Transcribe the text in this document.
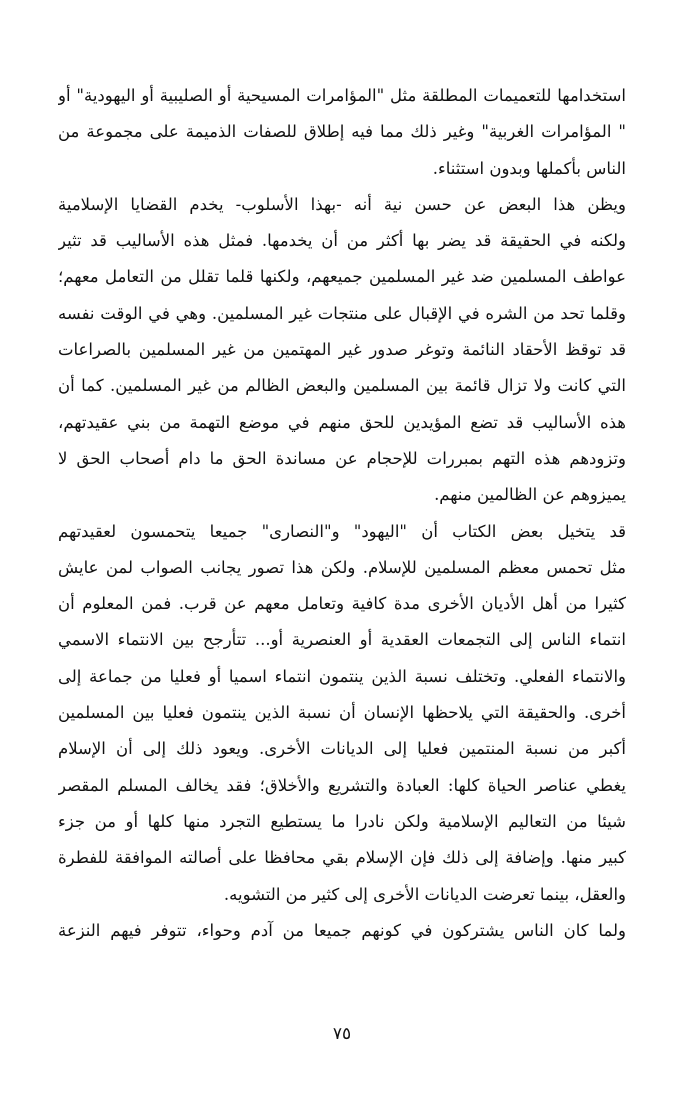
استخدامها للتعميمات المطلقة مثل "المؤامرات المسيحية أو الصليبية أو اليهودية" أو
" المؤامرات الغربية" وغير ذلك مما فيه إطلاق للصفات الذميمة على مجموعة من
الناس بأكملها وبدون استثناء.
ويظن هذا البعض عن حسن نية أنه -بهذا الأسلوب- يخدم القضايا الإسلامية
ولكنه في الحقيقة قد يضر بها أكثر من أن يخدمها. فمثل هذه الأساليب قد تثير
عواطف المسلمين ضد غير المسلمين جميعهم، ولكنها قلما تقلل من التعامل معهم؛
وقلما تحد من الشره في الإقبال على منتجات غير المسلمين. وهي في الوقت نفسه
قد توقظ الأحقاد النائمة وتوغر صدور غير المهتمين من غير المسلمين بالصراعات
التي كانت ولا تزال قائمة بين المسلمين والبعض الظالم من غير المسلمين. كما أن
هذه الأساليب قد تضع المؤيدين للحق منهم في موضع التهمة من بني عقيدتهم،
وتزودهم هذه التهم بمبررات للإحجام عن مساندة الحق ما دام أصحاب الحق لا
يميزوهم عن الظالمين منهم.
قد يتخيل بعض الكتاب أن "اليهود" و"النصارى" جميعا يتحمسون لعقيدتهم
مثل تحمس معظم المسلمين للإسلام. ولكن هذا تصور يجانب الصواب لمن عايش
كثيرا من أهل الأديان الأخرى مدة كافية وتعامل معهم عن قرب. فمن المعلوم أن
انتماء الناس إلى التجمعات العقدية أو العنصرية أو... تتأرجح بين الانتماء الاسمي
والانتماء الفعلي. وتختلف نسبة الذين ينتمون انتماء اسميا أو فعليا من جماعة إلى
أخرى. والحقيقة التي يلاحظها الإنسان أن نسبة الذين ينتمون فعليا بين المسلمين
أكبر من نسبة المنتمين فعليا إلى الديانات الأخرى. ويعود ذلك إلى أن الإسلام
يغطي عناصر الحياة كلها: العبادة والتشريع والأخلاق؛ فقد يخالف المسلم المقصر
شيئا من التعاليم الإسلامية ولكن نادرا ما يستطيع التجرد منها كلها أو من جزء
كبير منها. وإضافة إلى ذلك فإن الإسلام بقي محافظا على أصالته الموافقة للفطرة
والعقل، بينما تعرضت الديانات الأخرى إلى كثير من التشويه.
ولما كان الناس يشتركون في كونهم جميعا من آدم وحواء، تتوفر فيهم النزعة
٧٥
